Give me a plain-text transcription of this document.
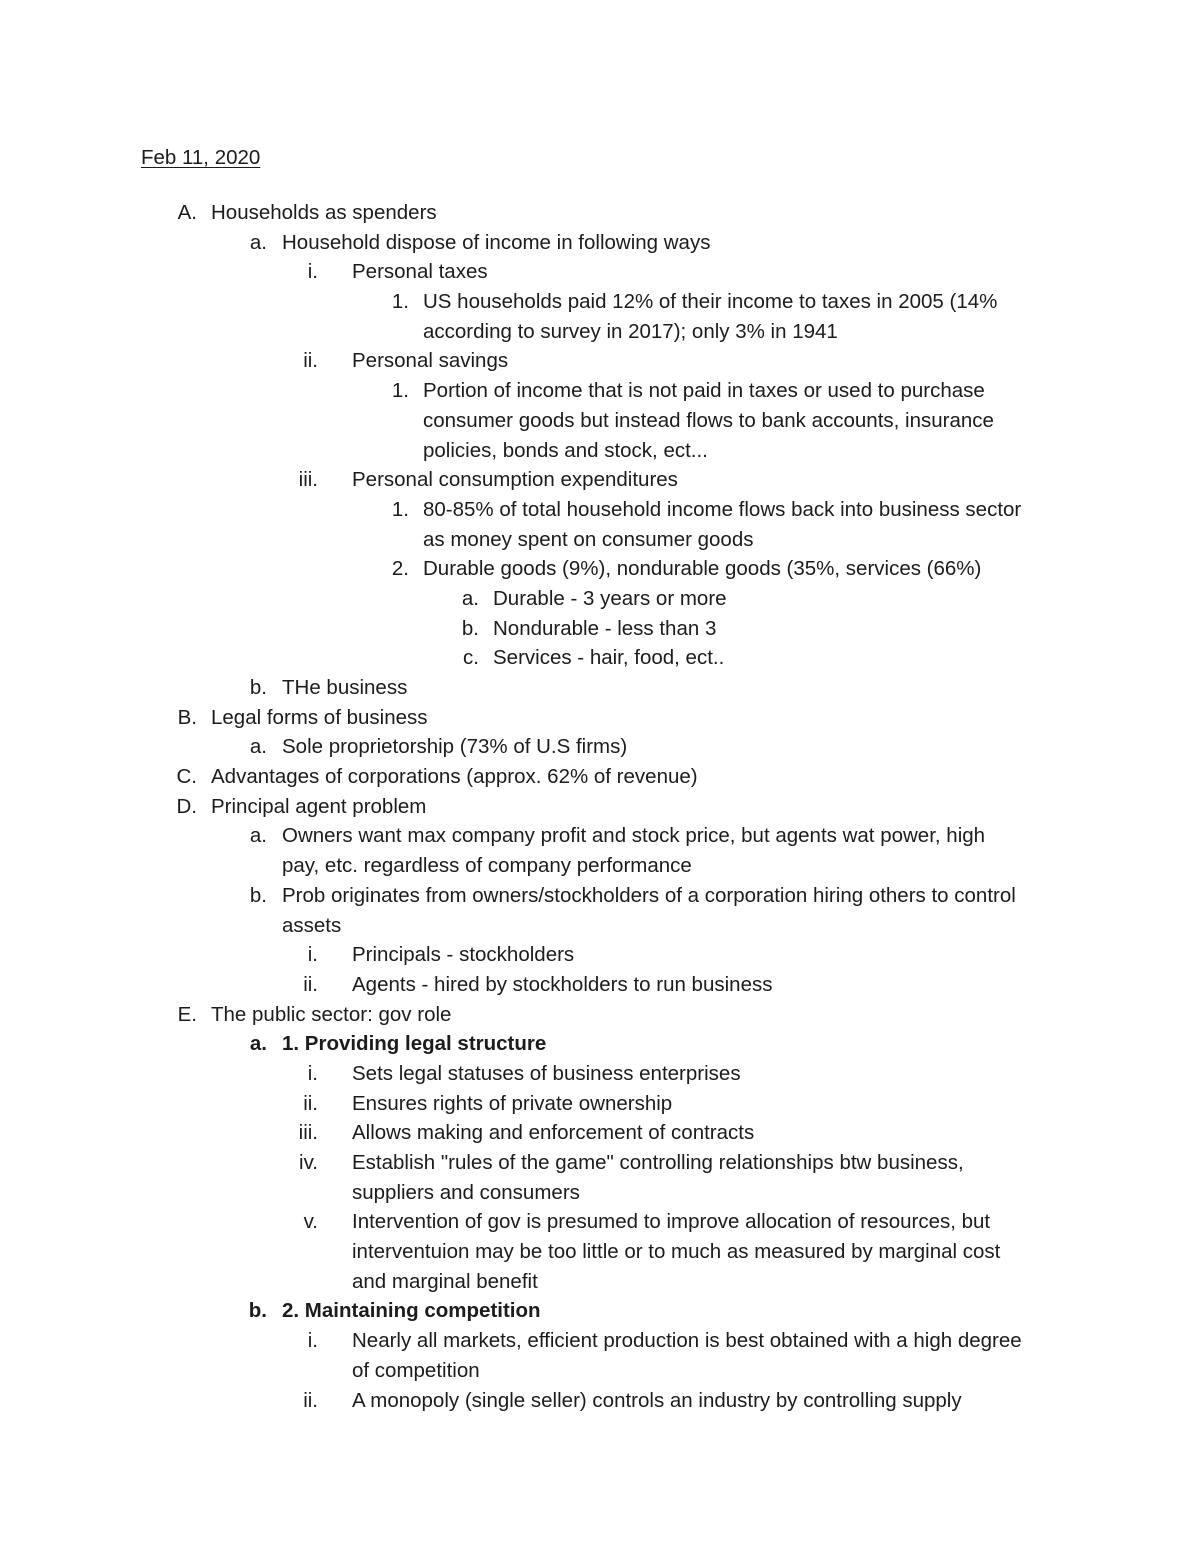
Feb 11, 2020
A. Households as spenders
a. Household dispose of income in following ways
i. Personal taxes
1. US households paid 12% of their income to taxes in 2005 (14%
according to survey in 2017); only 3% in 1941
ii. Personal savings
1. Portion of income that is not paid in taxes or used to purchase
consumer goods but instead flows to bank accounts, insurance
policies, bonds and stock, ect...
iii. Personal consumption expenditures
1. 80-85% of total household income flows back into business sector
as money spent on consumer goods
2. Durable goods (9%), nondurable goods (35%, services (66%)
a. Durable - 3 years or more
b. Nondurable - less than 3
c. Services - hair, food, ect..
b. THe business
B. Legal forms of business
a. Sole proprietorship (73% of U.S firms)
C. Advantages of corporations (approx. 62% of revenue)
D. Principal agent problem
a. Owners want max company profit and stock price, but agents wat power, high
pay, etc. regardless of company performance
b. Prob originates from owners/stockholders of a corporation hiring others to control
assets
i. Principals - stockholders
ii. Agents - hired by stockholders to run business
E. The public sector: gov role
a. 1. Providing legal structure
i. Sets legal statuses of business enterprises
ii. Ensures rights of private ownership
iii. Allows making and enforcement of contracts
iv. Establish "rules of the game" controlling relationships btw business,
suppliers and consumers
v. Intervention of gov is presumed to improve allocation of resources, but
interventuion may be too little or to much as measured by marginal cost
and marginal benefit
b. 2. Maintaining competition
i. Nearly all markets, efficient production is best obtained with a high degree
of competition
ii. A monopoly (single seller) controls an industry by controlling supply
